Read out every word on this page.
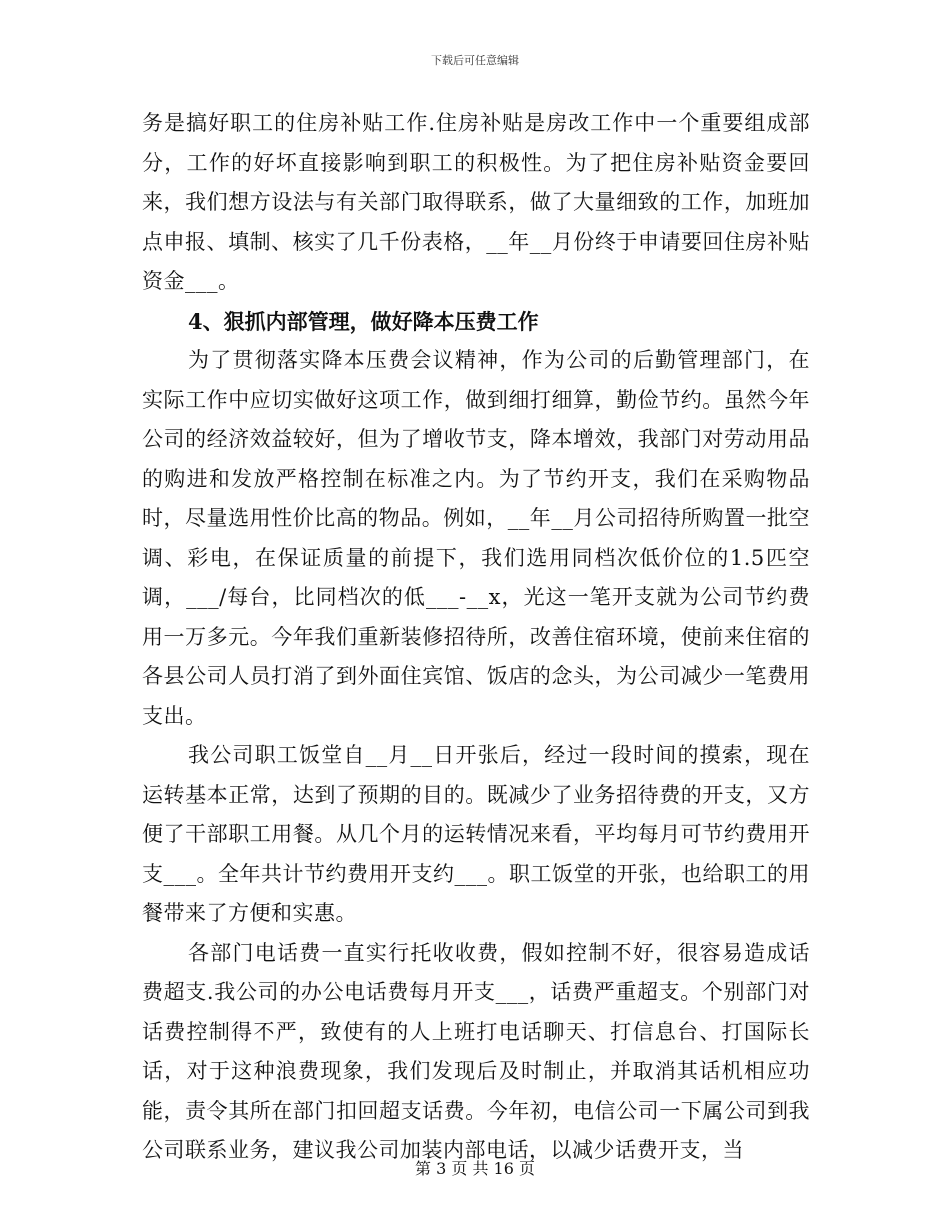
下载后可任意编辑

务是搞好职工的住房补贴工作.住房补贴是房改工作中一个重要组成部分，工作的好坏直接影响到职工的积极性。为了把住房补贴资金要回来，我们想方设法与有关部门取得联系，做了大量细致的工作，加班加点申报、填制、核实了几千份表格，__年__月份终于申请要回住房补贴资金___。

4、狠抓内部管理，做好降本压费工作

为了贯彻落实降本压费会议精神，作为公司的后勤管理部门，在实际工作中应切实做好这项工作，做到细打细算，勤俭节约。虽然今年公司的经济效益较好，但为了增收节支，降本增效，我部门对劳动用品的购进和发放严格控制在标准之内。为了节约开支，我们在采购物品时，尽量选用性价比高的物品。例如，__年__月公司招待所购置一批空调、彩电，在保证质量的前提下，我们选用同档次低价位的1.5匹空调，___/每台，比同档次的低___-__x，光这一笔开支就为公司节约费用一万多元。今年我们重新装修招待所，改善住宿环境，使前来住宿的各县公司人员打消了到外面住宾馆、饭店的念头，为公司减少一笔费用支出。

我公司职工饭堂自__月__日开张后，经过一段时间的摸索，现在运转基本正常，达到了预期的目的。既减少了业务招待费的开支，又方便了干部职工用餐。从几个月的运转情况来看，平均每月可节约费用开支___。全年共计节约费用开支约___。职工饭堂的开张，也给职工的用餐带来了方便和实惠。

各部门电话费一直实行托收收费，假如控制不好，很容易造成话费超支.我公司的办公电话费每月开支___，话费严重超支。个别部门对话费控制得不严，致使有的人上班打电话聊天、打信息台、打国际长话，对于这种浪费现象，我们发现后及时制止，并取消其话机相应功能，责令其所在部门扣回超支话费。今年初，电信公司一下属公司到我公司联系业务，建议我公司加装内部电话，以减少话费开支，当

第 3 页 共 16 页
